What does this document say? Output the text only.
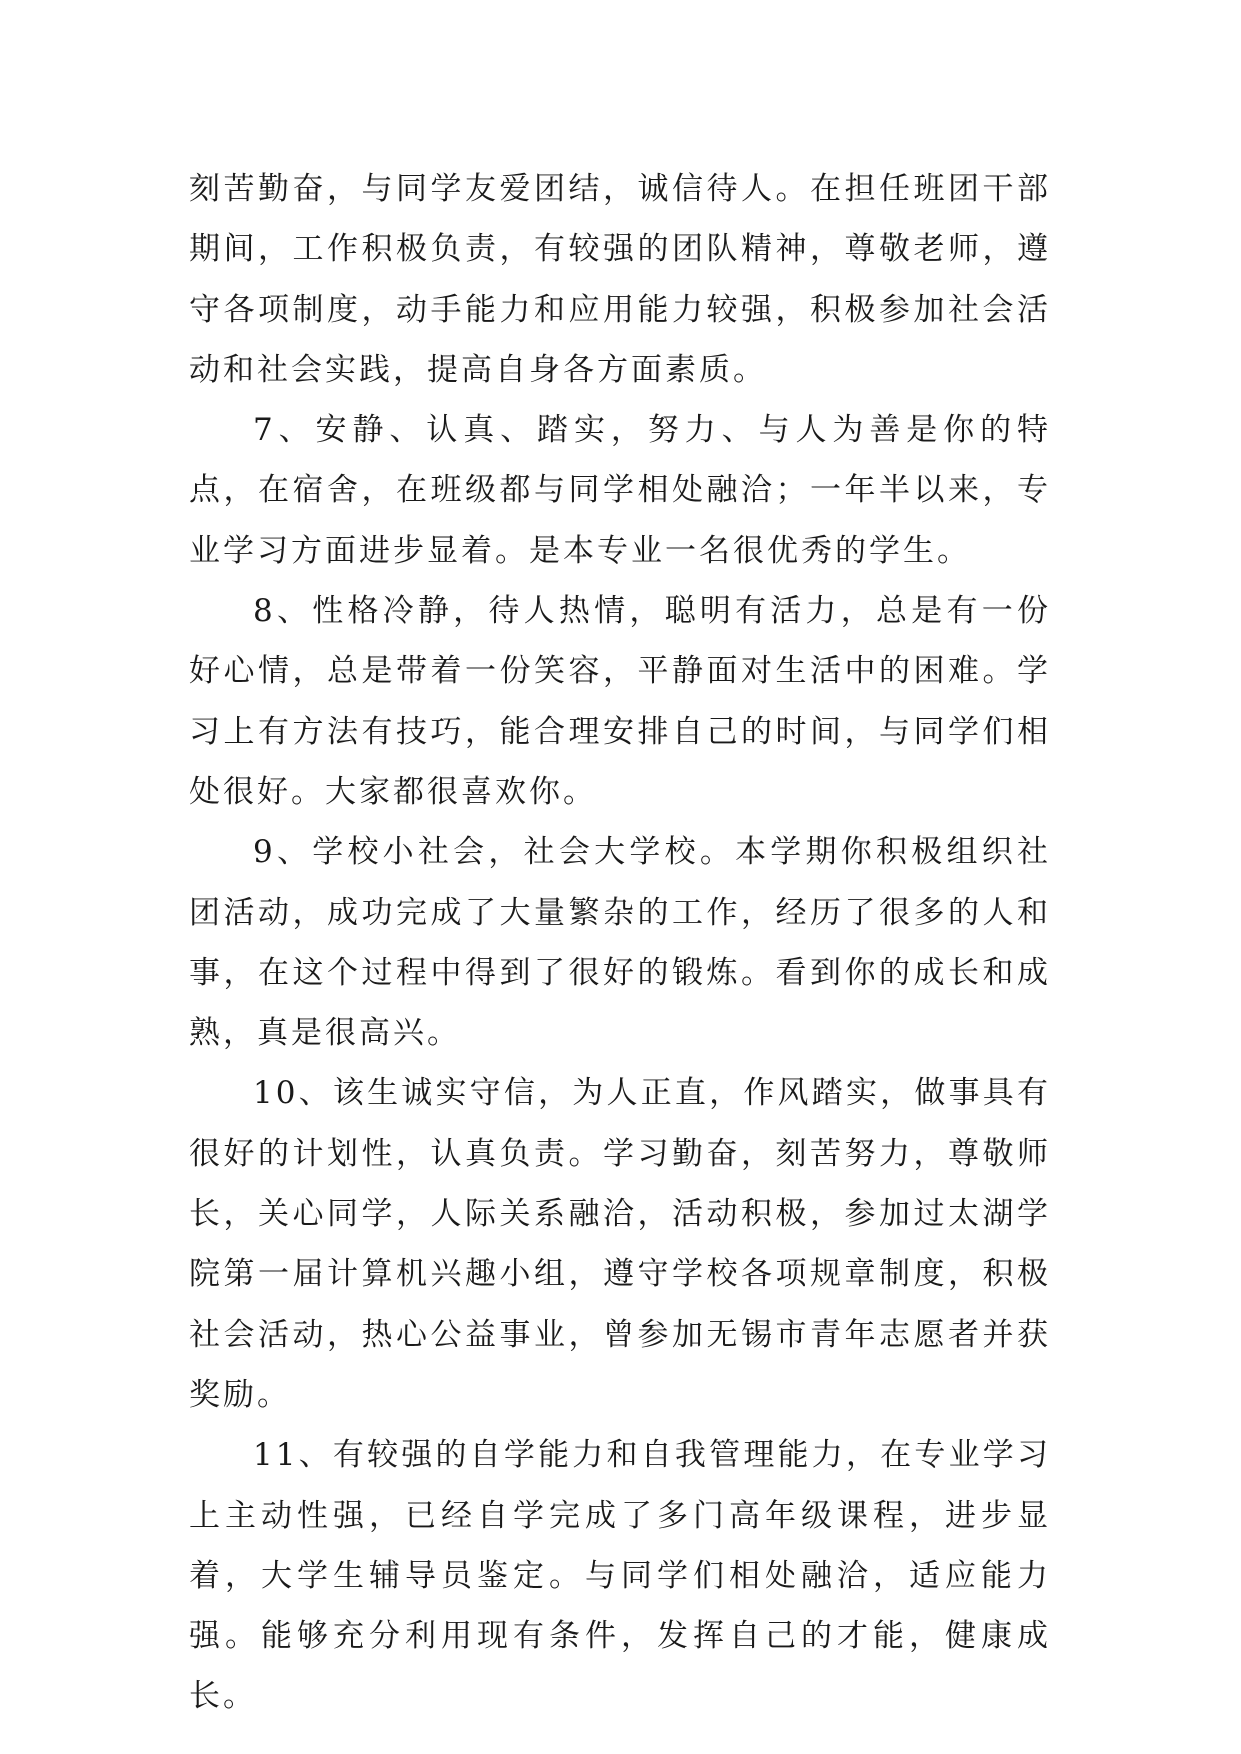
刻苦勤奋，与同学友爱团结，诚信待人。在担任班团干部期间，工作积极负责，有较强的团队精神，尊敬老师，遵守各项制度，动手能力和应用能力较强，积极参加社会活动和社会实践，提高自身各方面素质。

7、安静、认真、踏实，努力、与人为善是你的特点，在宿舍，在班级都与同学相处融洽；一年半以来，专业学习方面进步显着。是本专业一名很优秀的学生。

8、性格冷静，待人热情，聪明有活力，总是有一份好心情，总是带着一份笑容，平静面对生活中的困难。学习上有方法有技巧，能合理安排自己的时间，与同学们相处很好。大家都很喜欢你。

9、学校小社会，社会大学校。本学期你积极组织社团活动，成功完成了大量繁杂的工作，经历了很多的人和事，在这个过程中得到了很好的锻炼。看到你的成长和成熟，真是很高兴。

10、该生诚实守信，为人正直，作风踏实，做事具有很好的计划性，认真负责。学习勤奋，刻苦努力，尊敬师长，关心同学，人际关系融洽，活动积极，参加过太湖学院第一届计算机兴趣小组，遵守学校各项规章制度，积极社会活动，热心公益事业，曾参加无锡市青年志愿者并获奖励。

11、有较强的自学能力和自我管理能力，在专业学习上主动性强，已经自学完成了多门高年级课程，进步显着，大学生辅导员鉴定。与同学们相处融洽，适应能力强。能够充分利用现有条件，发挥自己的才能，健康成长。
